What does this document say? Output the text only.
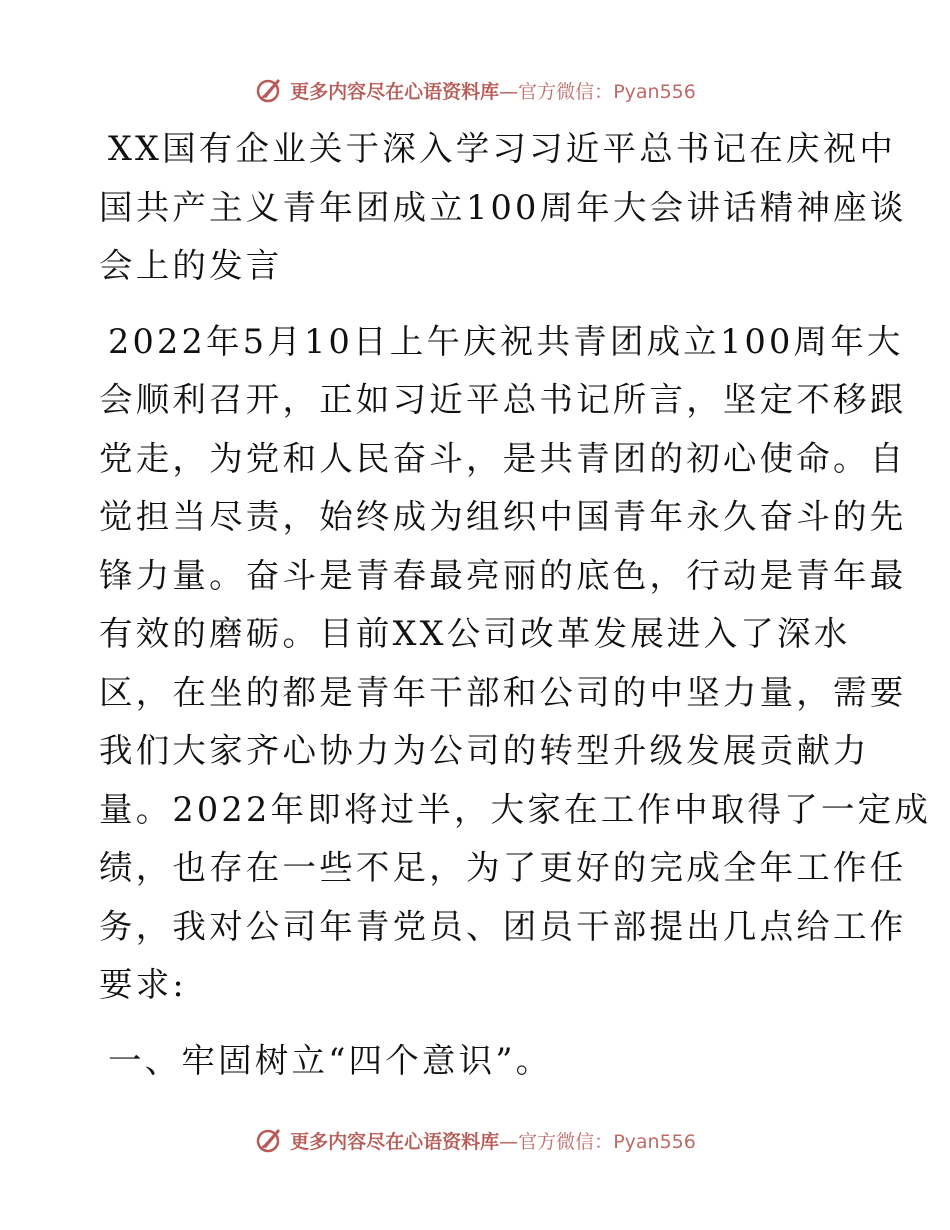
更多内容尽在心语资料库—官方微信：Pyan556
XX国有企业关于深入学习习近平总书记在庆祝中
国共产主义青年团成立100周年大会讲话精神座谈
会上的发言
2022年5月10日上午庆祝共青团成立100周年大
会顺利召开，正如习近平总书记所言，坚定不移跟
党走，为党和人民奋斗，是共青团的初心使命。自
觉担当尽责，始终成为组织中国青年永久奋斗的先
锋力量。奋斗是青春最亮丽的底色，行动是青年最
有效的磨砺。目前XX公司改革发展进入了深水
区，在坐的都是青年干部和公司的中坚力量，需要
我们大家齐心协力为公司的转型升级发展贡献力
量。2022年即将过半，大家在工作中取得了一定成
绩，也存在一些不足，为了更好的完成全年工作任
务，我对公司年青党员、团员干部提出几点给工作
要求:
一、牢固树立“四个意识”。
更多内容尽在心语资料库—官方微信：Pyan556
